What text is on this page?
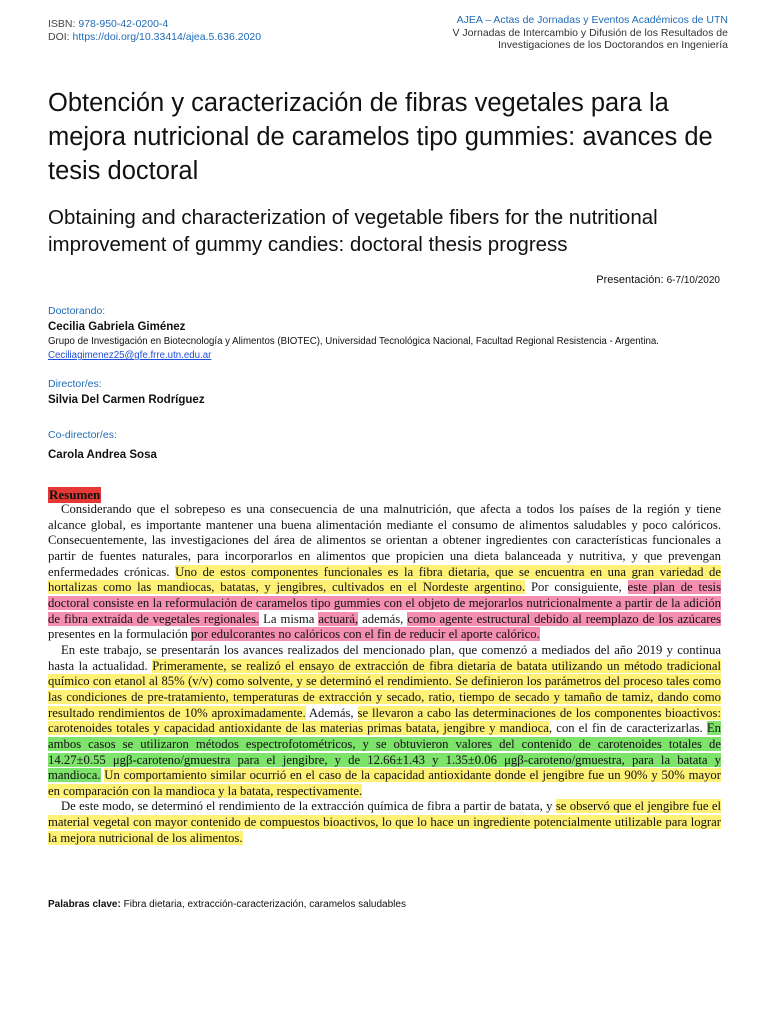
ISBN: 978-950-42-0200-4
DOI: https://doi.org/10.33414/ajea.5.636.2020
AJEA – Actas de Jornadas y Eventos Académicos de UTN
V Jornadas de Intercambio y Difusión de los Resultados de
Investigaciones de los Doctorandos en Ingeniería
Obtención y caracterización de fibras vegetales para la mejora nutricional de caramelos tipo gummies: avances de tesis doctoral
Obtaining and characterization of vegetable fibers for the nutritional improvement of gummy candies: doctoral thesis progress
Presentación: 6-7/10/2020
Doctorando:
Cecilia Gabriela Giménez
Grupo de Investigación en Biotecnología y Alimentos (BIOTEC), Universidad Tecnológica Nacional, Facultad Regional Resistencia - Argentina.
Ceciliagimenez25@gfe.frre.utn.edu.ar
Director/es:
Silvia Del Carmen Rodríguez
Co-director/es:
Carola Andrea Sosa
Resumen

Considerando que el sobrepeso es una consecuencia de una malnutrición, que afecta a todos los países de la región y tiene alcance global, es importante mantener una buena alimentación mediante el consumo de alimentos saludables y poco calóricos. Consecuentemente, las investigaciones del área de alimentos se orientan a obtener ingredientes con características funcionales a partir de fuentes naturales, para incorporarlos en alimentos que propicien una dieta balanceada y nutritiva, y que prevengan enfermedades crónicas. Uno de estos componentes funcionales es la fibra dietaria, que se encuentra en una gran variedad de hortalizas como las mandiocas, batatas, y jengibres, cultivados en el Nordeste argentino. Por consiguiente, este plan de tesis doctoral consiste en la reformulación de caramelos tipo gummies con el objeto de mejorarlos nutricionalmente a partir de la adición de fibra extraída de vegetales regionales. La misma actuará, además, como agente estructural debido al reemplazo de los azúcares presentes en la formulación por edulcorantes no calóricos con el fin de reducir el aporte calórico.

En este trabajo, se presentarán los avances realizados del mencionado plan, que comenzó a mediados del año 2019 y continua hasta la actualidad. Primeramente, se realizó el ensayo de extracción de fibra dietaria de batata utilizando un método tradicional químico con etanol al 85% (v/v) como solvente, y se determinó el rendimiento. Se definieron los parámetros del proceso tales como las condiciones de pre-tratamiento, temperaturas de extracción y secado, ratio, tiempo de secado y tamaño de tamiz, dando como resultado rendimientos de 10% aproximadamente. Además, se llevaron a cabo las determinaciones de los componentes bioactivos: carotenoides totales y capacidad antioxidante de las materias primas batata, jengibre y mandioca, con el fin de caracterizarlas. En ambos casos se utilizaron métodos espectrofotométricos, y se obtuvieron valores del contenido de carotenoides totales de 14.27±0.55 μgβ-caroteno/gmuestra para el jengibre, y de 12.66±1.43 y 1.35±0.06 μgβ-caroteno/gmuestra, para la batata y mandioca. Un comportamiento similar ocurrió en el caso de la capacidad antioxidante donde el jengibre fue un 90% y 50% mayor en comparación con la mandioca y la batata, respectivamente.

De este modo, se determinó el rendimiento de la extracción química de fibra a partir de batata, y se observó que el jengibre fue el material vegetal con mayor contenido de compuestos bioactivos, lo que lo hace un ingrediente potencialmente utilizable para lograr la mejora nutricional de los alimentos.

Palabras clave: Fibra dietaria, extracción-caracterización, caramelos saludables
